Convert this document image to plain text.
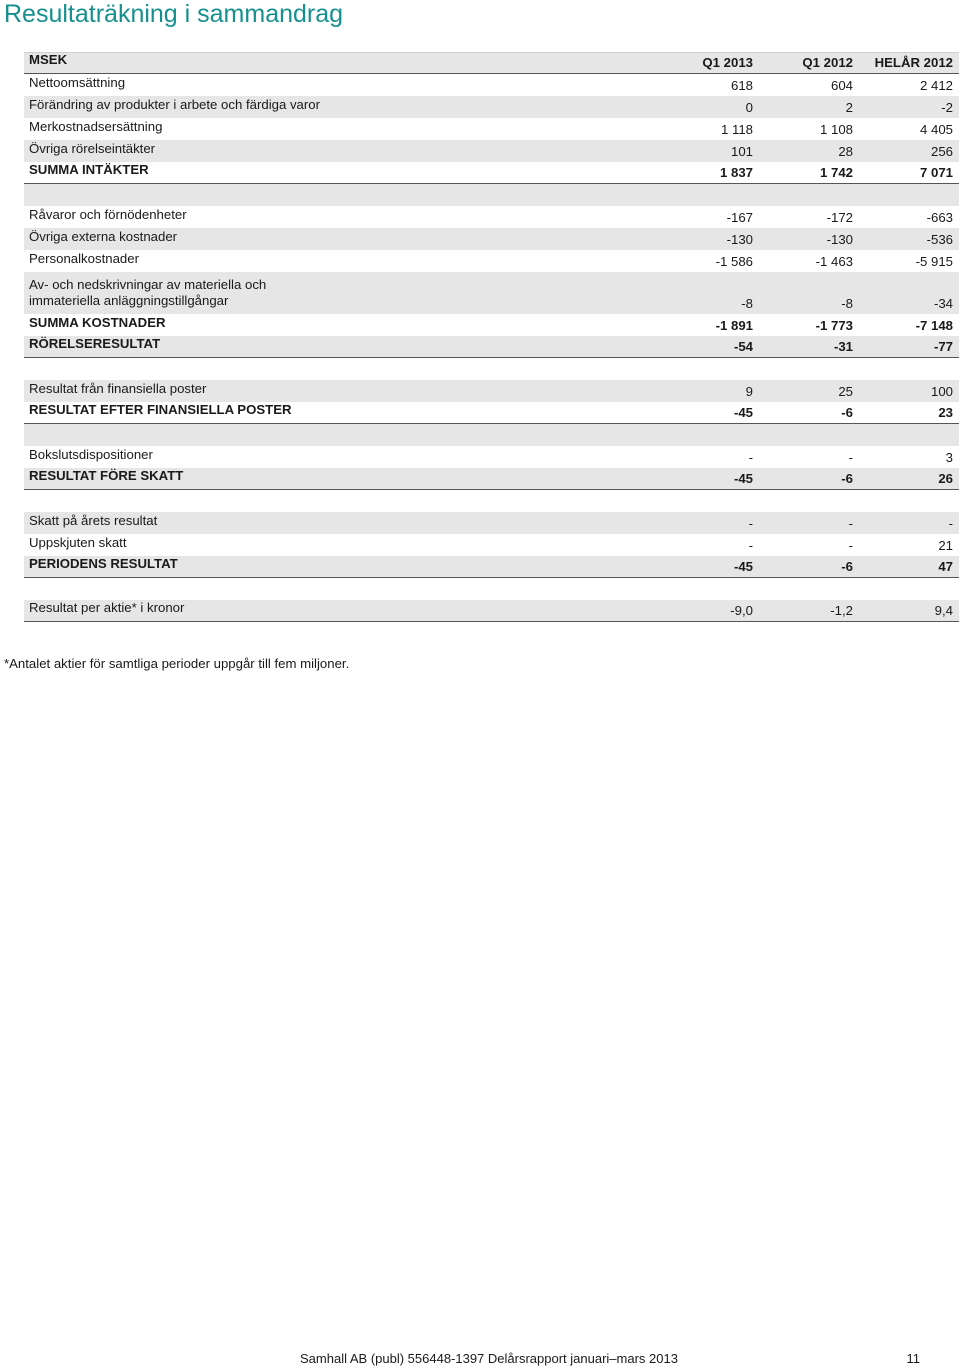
Resultaträkning i sammandrag
MSEK	Q1 2013	Q1 2012	HELÅR 2012
Nettoomsättning	618	604	2 412
Förändring av produkter i arbete och färdiga varor	0	2	-2
Merkostnadsersättning	1 118	1 108	4 405
Övriga rörelseintäkter	101	28	256
SUMMA INTÄKTER	1 837	1 742	7 071
Råvaror och förnödenheter	-167	-172	-663
Övriga externa kostnader	-130	-130	-536
Personalkostnader	-1 586	-1 463	-5 915
Av- och nedskrivningar av materiella och
immateriella anläggningstillgångar	-8	-8	-34
SUMMA KOSTNADER	-1 891	-1 773	-7 148
RÖRELSERESULTAT	-54	-31	-77
Resultat från finansiella poster	9	25	100
RESULTAT EFTER FINANSIELLA POSTER	-45	-6	23
Bokslutsdispositioner	-	-	3
RESULTAT FÖRE SKATT	-45	-6	26
Skatt på årets resultat	-	-	-
Uppskjuten skatt	-	-	21
PERIODENS RESULTAT	-45	-6	47
Resultat per aktie* i kronor	-9,0	-1,2	9,4
*Antalet aktier för samtliga perioder uppgår till fem miljoner.
Samhall AB (publ) 556448-1397 Delårsrapport januari–mars 2013	11
